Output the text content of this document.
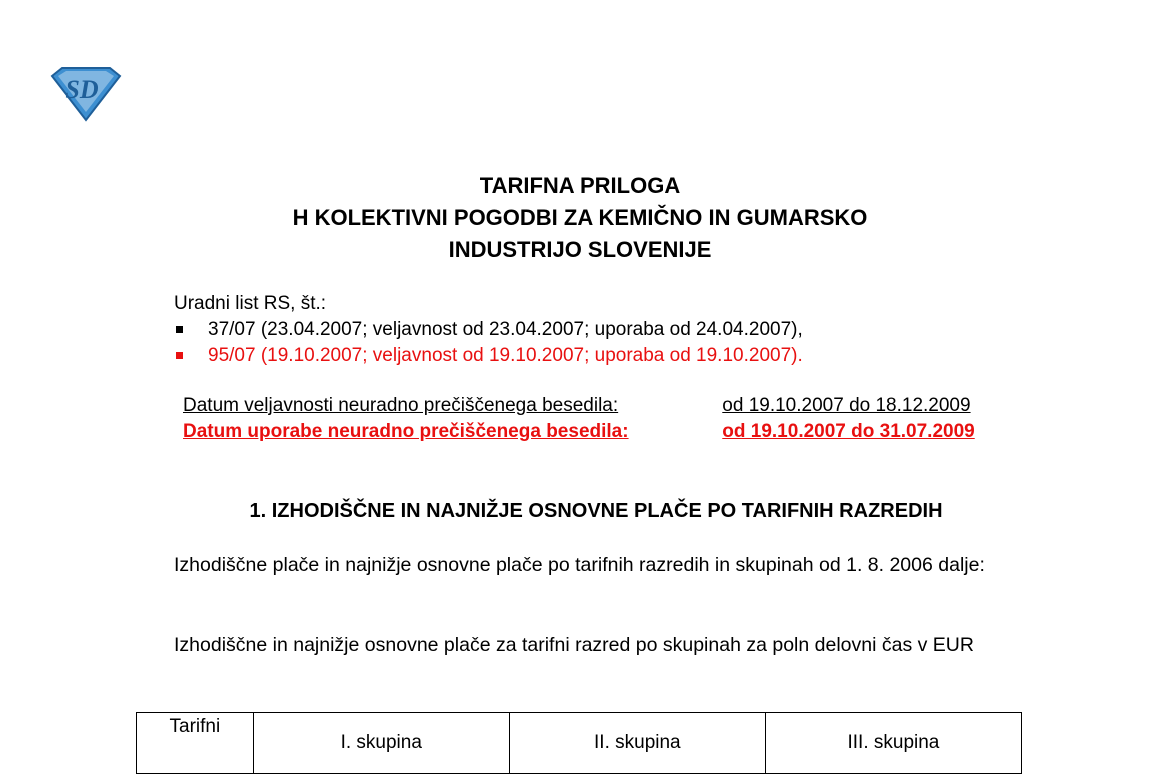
SD
TARIFNA PRILOGA
H KOLEKTIVNI POGODBI ZA KEMIČNO IN GUMARSKO
INDUSTRIJO SLOVENIJE
Uradni list RS, št.:
37/07 (23.04.2007; veljavnost od 23.04.2007; uporaba od 24.04.2007),
95/07 (19.10.2007; veljavnost od 19.10.2007; uporaba od 19.10.2007).
Datum veljavnosti neuradno prečiščenega besedila:	od 19.10.2007 do 18.12.2009
Datum uporabe neuradno prečiščenega besedila:	od 19.10.2007 do 31.07.2009
1. IZHODIŠČNE IN NAJNIŽJE OSNOVNE PLAČE PO TARIFNIH RAZREDIH
Izhodiščne plače in najnižje osnovne plače po tarifnih razredih in skupinah od 1. 8. 2006 dalje:
Izhodiščne in najnižje osnovne plače za tarifni razred po skupinah za poln delovni čas v EUR
Tarifni	I. skupina	II. skupina	III. skupina
